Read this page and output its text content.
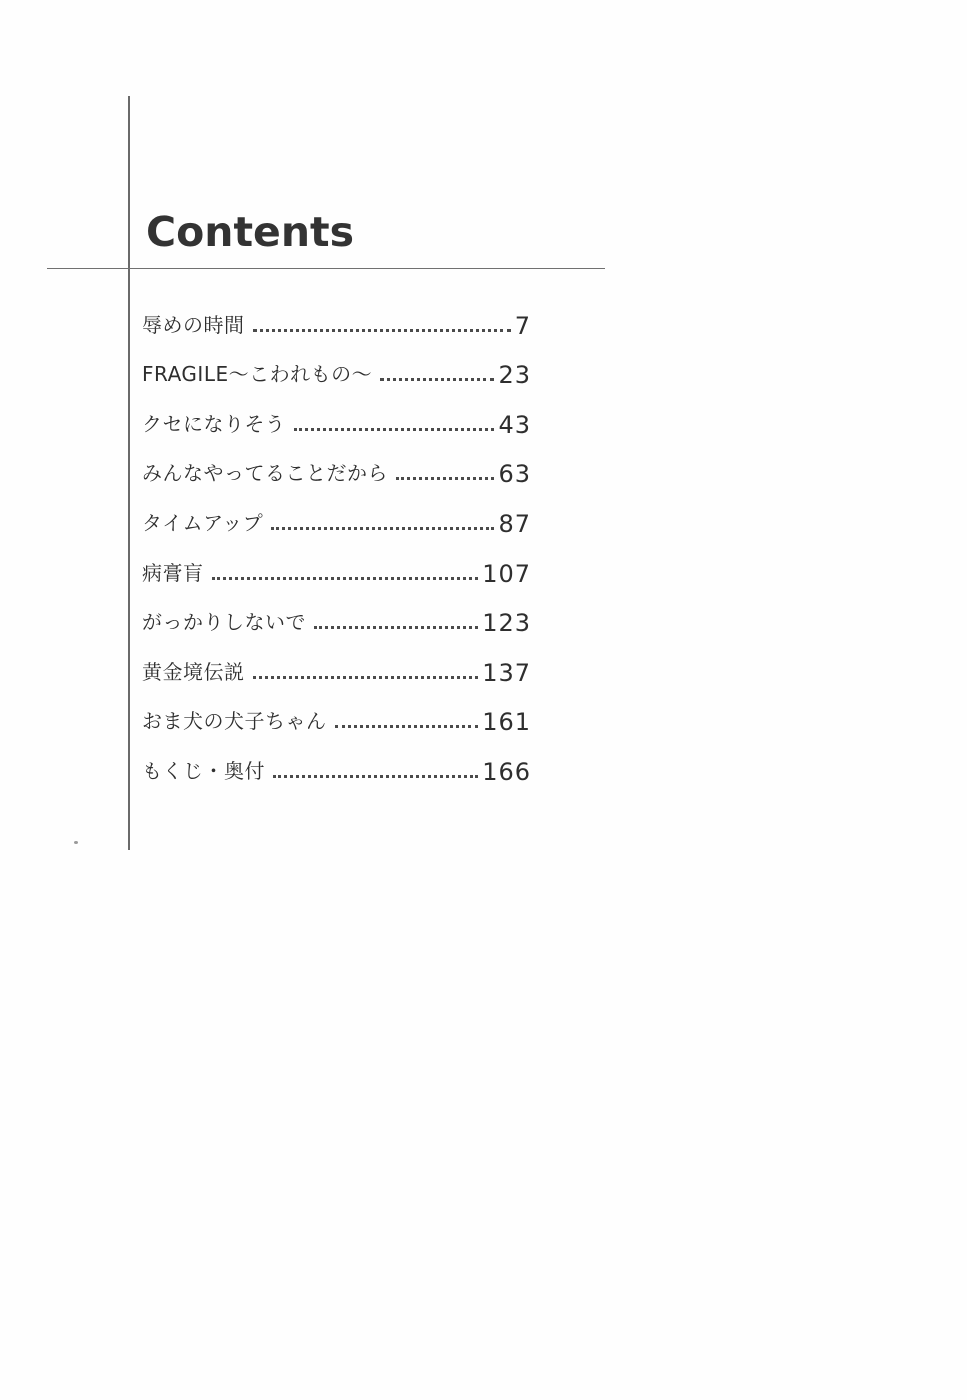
Contents
辱めの時間	7
FRAGILE〜こわれもの〜	23
クセになりそう	43
みんなやってることだから	63
タイムアップ	87
病膏肓	107
がっかりしないで	123
黄金境伝説	137
おま犬の犬子ちゃん	161
もくじ・奥付	166
